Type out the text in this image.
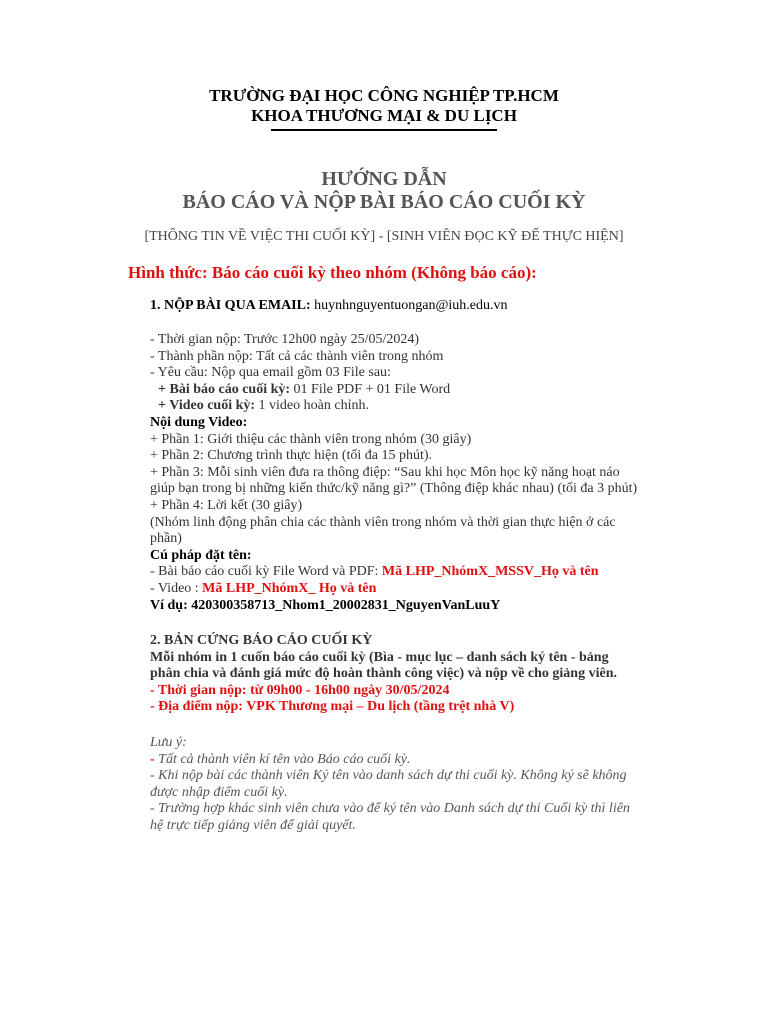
TRƯỜNG ĐẠI HỌC CÔNG NGHIỆP TP.HCM
KHOA THƯƠNG MẠI & DU LỊCH
HƯỚNG DẪN
BÁO CÁO VÀ NỘP BÀI BÁO CÁO CUỐI KỲ
[THÔNG TIN VỀ VIỆC THI CUỐI KỲ] - [SINH VIÊN ĐỌC KỸ ĐỂ THỰC HIỆN]
Hình thức: Báo cáo cuối kỳ theo nhóm (Không báo cáo):
1. NỘP BÀI QUA EMAIL: huynhnguyentuongan@iuh.edu.vn
- Thời gian nộp: Trước 12h00 ngày 25/05/2024)
- Thành phần nộp: Tất cả các thành viên trong nhóm
- Yêu cầu: Nộp qua email gồm 03 File sau:
+ Bài báo cáo cuối kỳ: 01 File PDF + 01 File Word
+ Video cuối kỳ: 1 video hoàn chỉnh.
Nội dung Video:
+ Phần 1: Giới thiệu các thành viên trong nhóm (30 giây)
+ Phần 2: Chương trình thực hiện (tối đa 15 phút).
+ Phần 3: Mỗi sinh viên đưa ra thông điệp: “Sau khi học Môn học kỹ năng hoạt náo
giúp bạn trong bị những kiến thức/kỹ năng gì?” (Thông điệp khác nhau) (tối đa 3 phút)
+ Phần 4: Lời kết (30 giây)
(Nhóm linh động phân chia các thành viên trong nhóm và thời gian thực hiện ở các
phần)
Cú pháp đặt tên:
- Bài báo cáo cuối kỳ File Word và PDF: Mã LHP_NhómX_MSSV_Họ và tên
- Video : Mã LHP_NhómX_ Họ và tên
Ví dụ: 420300358713_Nhom1_20002831_NguyenVanLuuY
2. BẢN CỨNG BÁO CÁO CUỐI KỲ
Mỗi nhóm in 1 cuốn báo cáo cuối kỳ (Bìa - mục lục – danh sách ký tên - bảng
phân chia và đánh giá mức độ hoàn thành công việc) và nộp về cho giảng viên.
- Thời gian nộp: từ 09h00 - 16h00 ngày 30/05/2024
- Địa điểm nộp: VPK Thương mại – Du lịch (tầng trệt nhà V)
Lưu ý:
- Tất cả thành viên kí tên vào Báo cáo cuối kỳ.
- Khi nộp bài các thành viên Ký tên vào danh sách dự thi cuối kỳ. Không ký sẽ không
được nhập điểm cuối kỳ.
- Trường hợp khác sinh viên chưa vào để ký tên vào Danh sách dự thi Cuối kỳ thì liên
hệ trực tiếp giảng viên để giải quyết.
